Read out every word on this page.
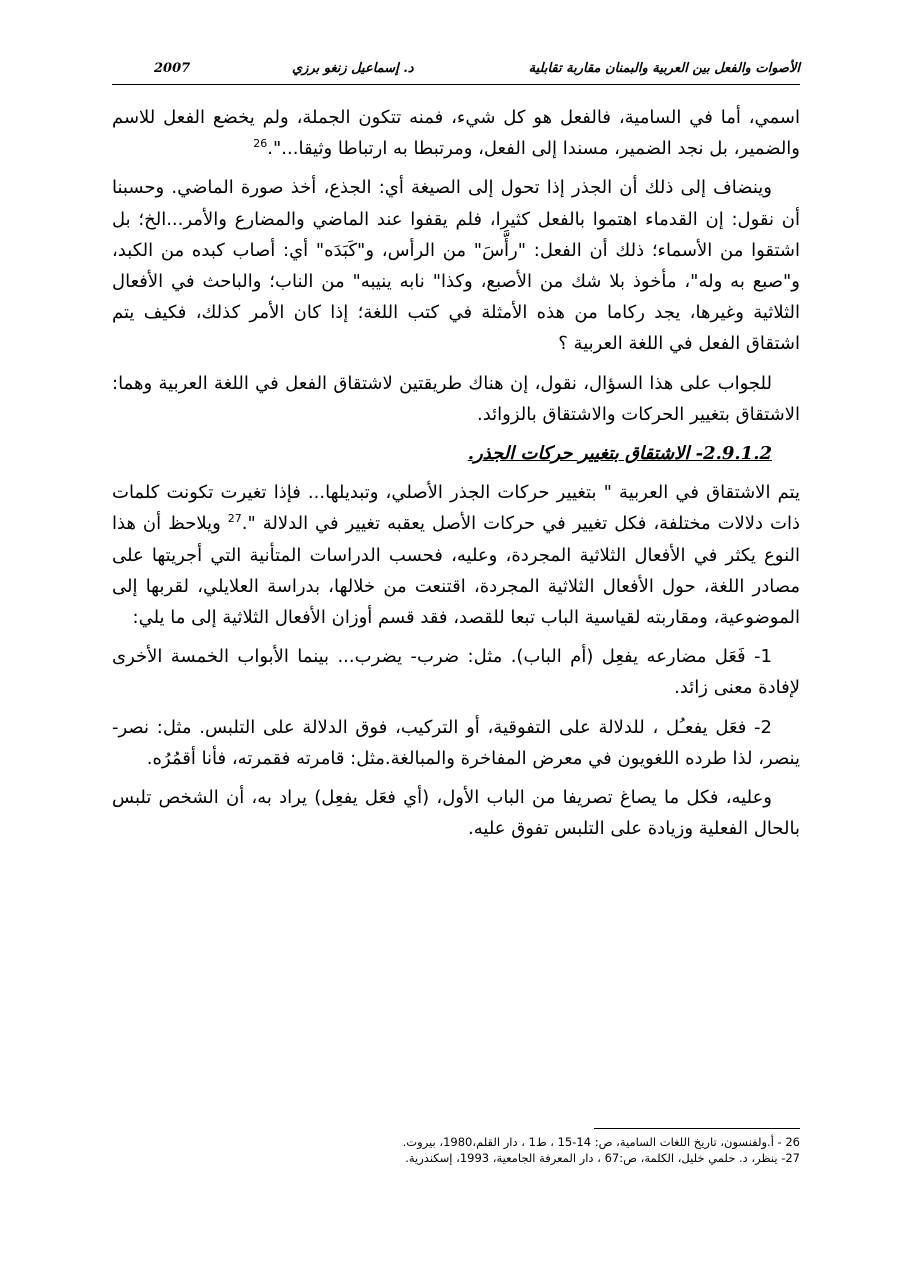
الأصوات والفعل بين العربية والبمنان مقاربة تقابلية
د. إسماعيل زنغو برزي
2007

اسمي، أما في السامية، فالفعل هو كل شيء، فمنه تتكون الجملة، ولم يخضع الفعل للاسم والضمير، بل نجد الضمير، مسندا إلى الفعل، ومرتبطا به ارتباطا وثيقا...".$^{26}$

وينضاف إلى ذلك أن الجذر إذا تحول إلى الصيغة أي: الجذع، أخذ صورة الماضي. وحسبنا أن نقول: إن القدماء اهتموا بالفعل كثيرا، فلم يقفوا عند الماضي والمضارع والأمر...الخ؛ بل اشتقوا من الأسماء؛ ذلك أن الفعل: "رأَّسَ" من الرأس، و"كَبَدَه" أي: أصاب كبده من الكبد، و"صبع به وله"، مأخوذ بلا شك من الأصبع، وكذا" نابه ينيبه" من الناب؛ والباحث في الأفعال الثلاثية وغيرها، يجد ركاما من هذه الأمثلة في كتب اللغة؛ إذا كان الأمر كذلك، فكيف يتم اشتقاق الفعل في اللغة العربية ؟

للجواب على هذا السؤال، نقول، إن هناك طريقتين لاشتقاق الفعل في اللغة العربية وهما: الاشتقاق بتغيير الحركات والاشتقاق بالزوائد.

2.9.1.2- الاشتقاق بتغيير حركات الجذر.

يتم الاشتقاق في العربية " بتغيير حركات الجذر الأصلي، وتبديلها... فإذا تغيرت تكونت كلمات ذات دلالات مختلفة، فكل تغيير في حركات الأصل يعقبه تغيير في الدلالة ".$^{27}$ ويلاحظ أن هذا النوع يكثر في الأفعال الثلاثية المجردة، وعليه، فحسب الدراسات المتأنية التي أجريتها على مصادر اللغة، حول الأفعال الثلاثية المجردة، اقتنعت من خلالها، بدراسة العلايلي، لقربها إلى الموضوعية، ومقاربته لقياسية الباب تبعا للقصد، فقد قسم أوزان الأفعال الثلاثية إلى ما يلي:

1- فَعَل مضارعه يفعِل (أم الباب). مثل: ضرب- يضرب... بينما الأبواب الخمسة الأخرى لإفادة معنى زائد.

2- فعَل يفعـُل ، للدلالة على التفوقية، أو التركيب، فوق الدلالة على التلبس. مثل: نصر- ينصر، لذا طرده اللغويون في معرض المفاخرة والمبالغة.مثل: قامرته فقمرته، فأنا أقمُرُه.

وعليه، فكل ما يصاغ تصريفا من الباب الأول، (أي فعَل يفعِل) يراد به، أن الشخص تلبس بالحال الفعلية وزيادة على التلبس تفوق عليه.

26 - أ.ولفنسون، تاريخ اللغات السامية، ص: 14-15 ، ط1 ، دار القلم،1980، بيروت.
27- ينظر، د. حلمي خليل، الكلمة، ص:67 ، دار المعرفة الجامعية، 1993، إسكندرية.
